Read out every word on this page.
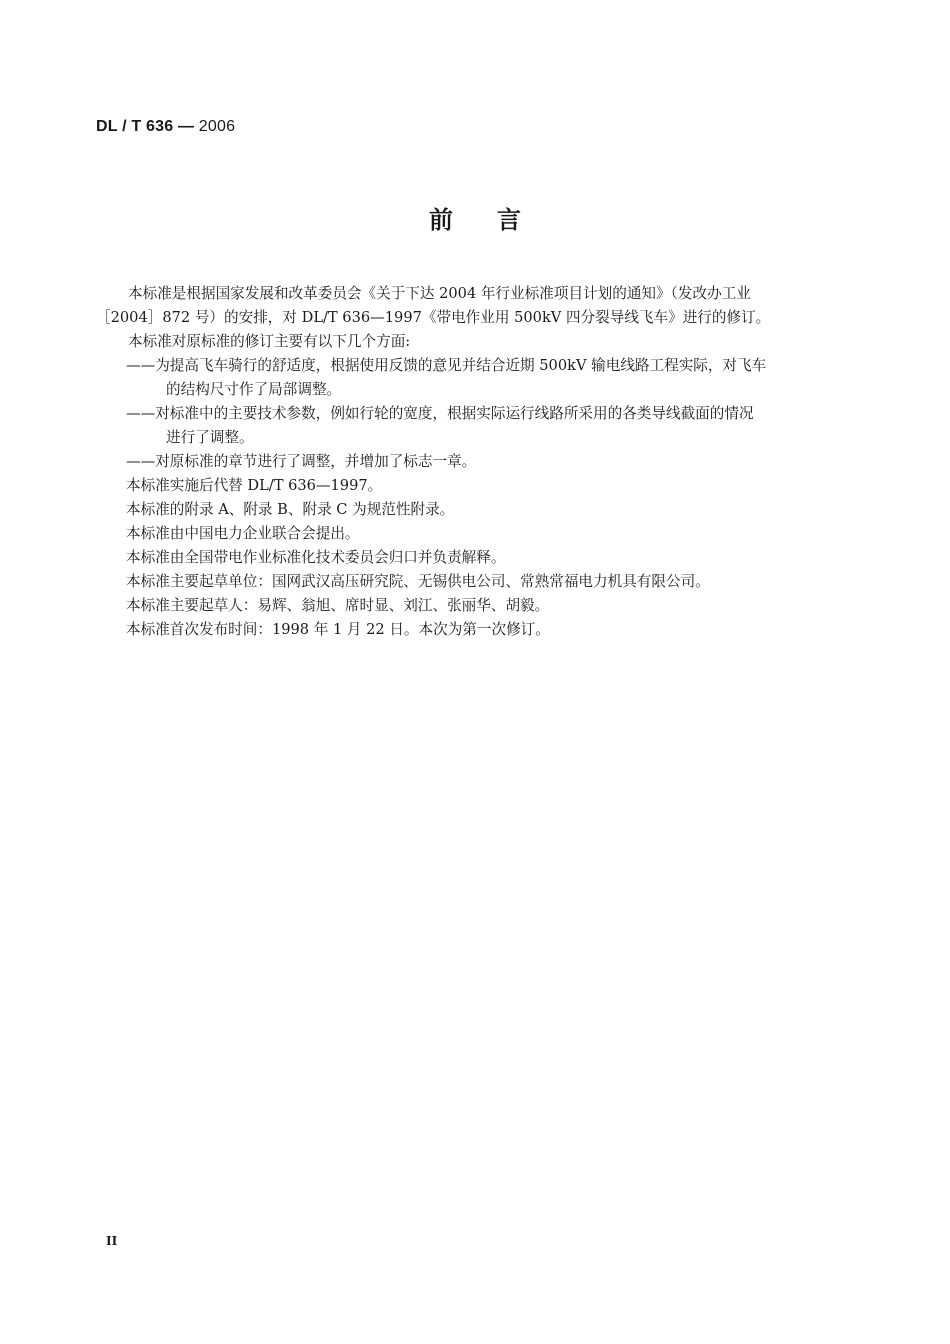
DL / T 636 — 2006
前言
本标准是根据国家发展和改革委员会《关于下达 2004 年行业标准项目计划的通知》（发改办工业
［2004］872 号）的安排，对 DL/T 636—1997《带电作业用 500kV 四分裂导线飞车》进行的修订。
本标准对原标准的修订主要有以下几个方面:
——为提高飞车骑行的舒适度，根据使用反馈的意见并结合近期 500kV 输电线路工程实际，对飞车
的结构尺寸作了局部调整。
——对标准中的主要技术参数，例如行轮的宽度，根据实际运行线路所采用的各类导线截面的情况
进行了调整。
——对原标准的章节进行了调整，并增加了标志一章。
本标准实施后代替 DL/T 636—1997。
本标准的附录 A、附录 B、附录 C 为规范性附录。
本标准由中国电力企业联合会提出。
本标准由全国带电作业标准化技术委员会归口并负责解释。
本标准主要起草单位：国网武汉高压研究院、无锡供电公司、常熟常福电力机具有限公司。
本标准主要起草人：易辉、翁旭、席时显、刘江、张丽华、胡毅。
本标准首次发布时间：1998 年 1 月 22 日。本次为第一次修订。
II
